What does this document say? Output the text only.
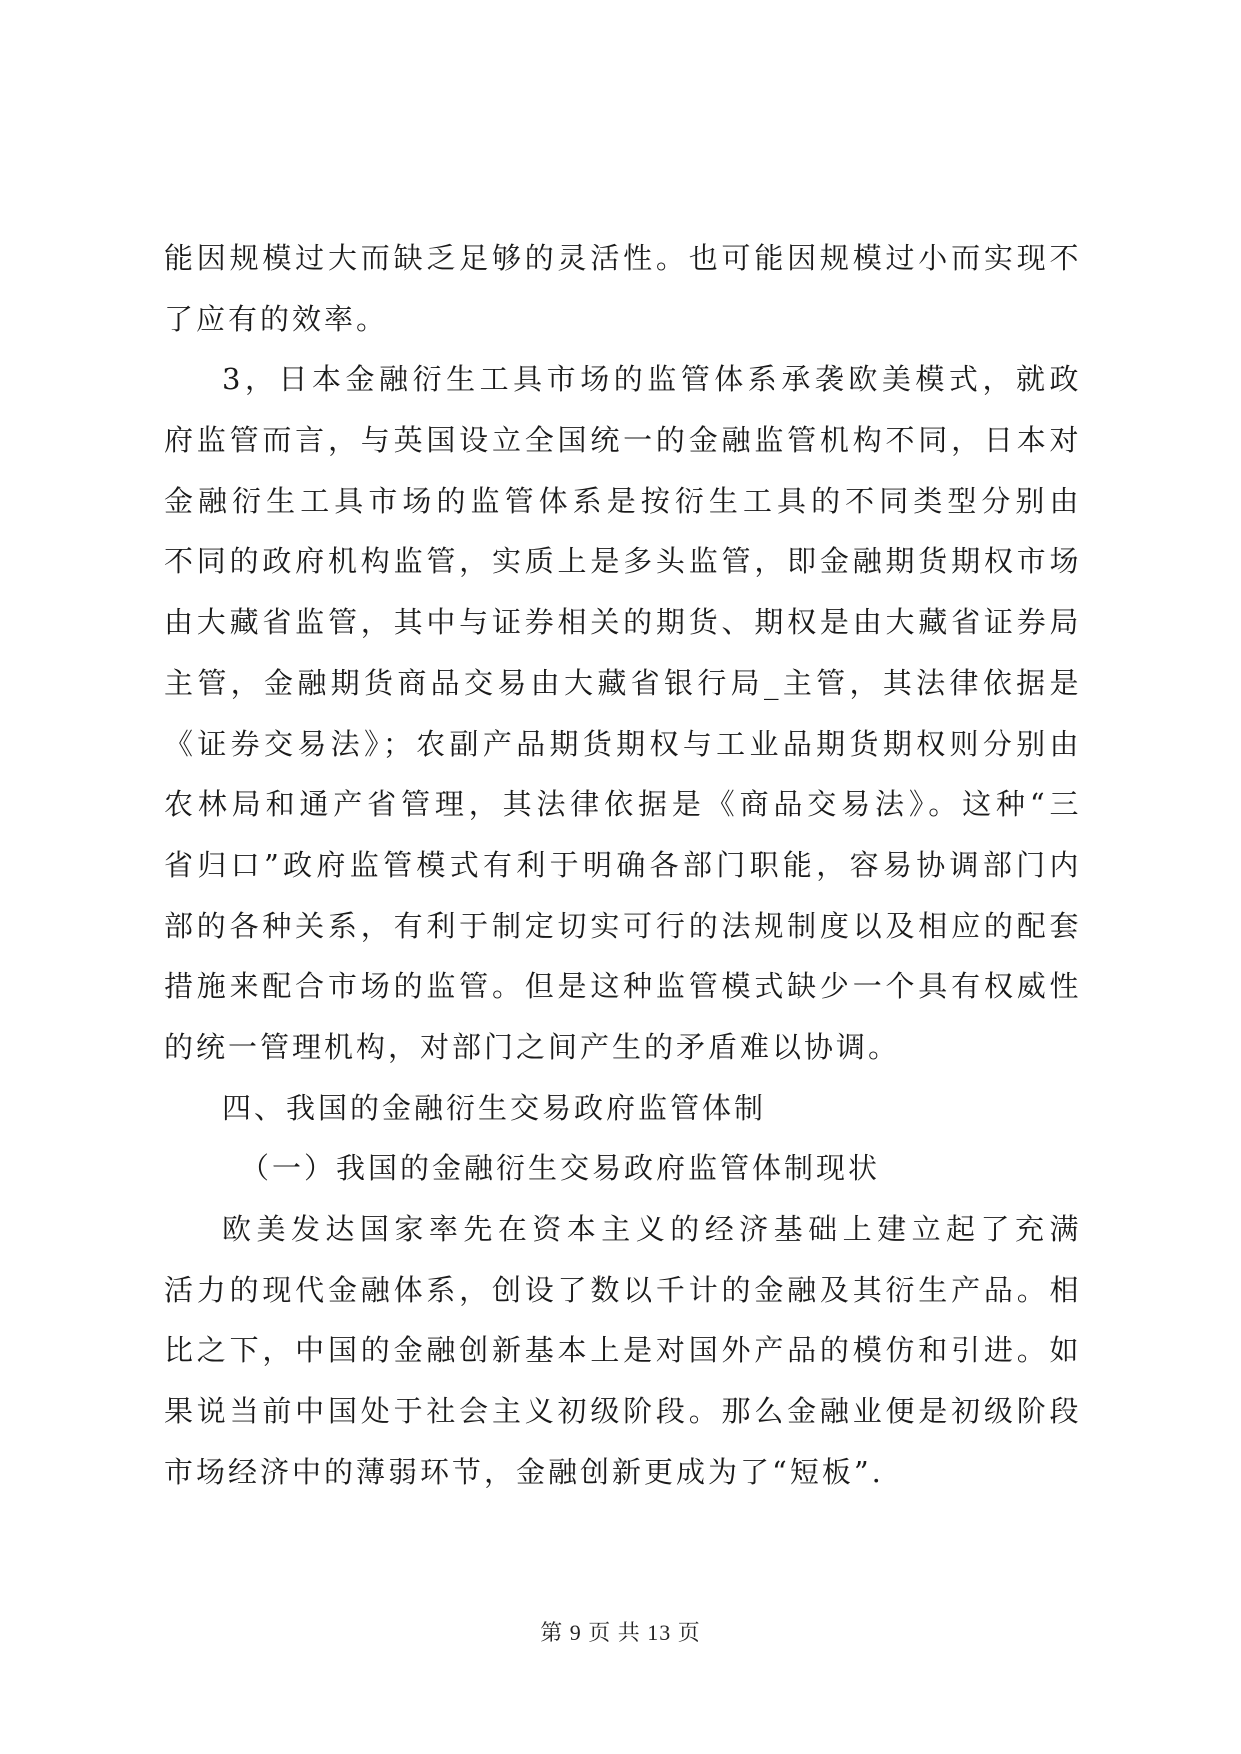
能因规模过大而缺乏足够的灵活性。也可能因规模过小而实现不
了应有的效率。
3，日本金融衍生工具市场的监管体系承袭欧美模式，就政
府监管而言，与英国设立全国统一的金融监管机构不同，日本对
金融衍生工具市场的监管体系是按衍生工具的不同类型分别由
不同的政府机构监管，实质上是多头监管，即金融期货期权市场
由大藏省监管，其中与证券相关的期货、期权是由大藏省证券局
主管，金融期货商品交易由大藏省银行局_主管，其法律依据是
《证券交易法》；农副产品期货期权与工业品期货期权则分别由
农林局和通产省管理，其法律依据是《商品交易法》。这种“三
省归口”政府监管模式有利于明确各部门职能，容易协调部门内
部的各种关系，有利于制定切实可行的法规制度以及相应的配套
措施来配合市场的监管。但是这种监管模式缺少一个具有权威性
的统一管理机构，对部门之间产生的矛盾难以协调。
四、我国的金融衍生交易政府监管体制
（一）我国的金融衍生交易政府监管体制现状
欧美发达国家率先在资本主义的经济基础上建立起了充满
活力的现代金融体系，创设了数以千计的金融及其衍生产品。相
比之下，中国的金融创新基本上是对国外产品的模仿和引进。如
果说当前中国处于社会主义初级阶段。那么金融业便是初级阶段
市场经济中的薄弱环节，金融创新更成为了“短板”.
第 9 页 共 13 页
